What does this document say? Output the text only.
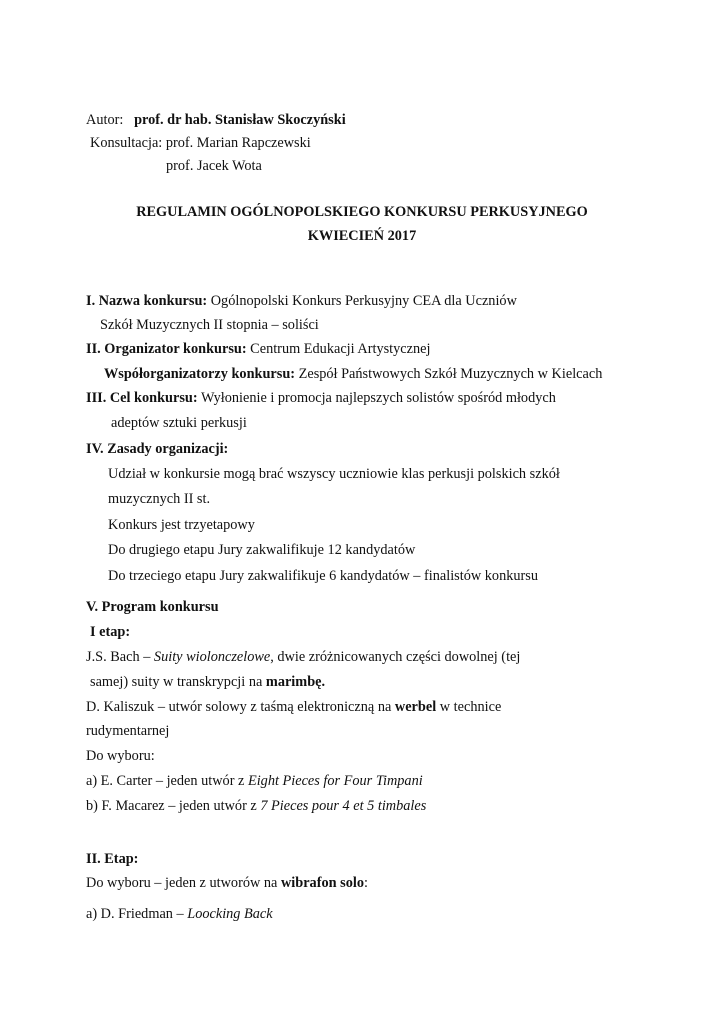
Autor: prof. dr hab. Stanisław Skoczyński
Konsultacja: prof. Marian Rapczewski
prof. Jacek Wota
REGULAMIN OGÓLNOPOLSKIEGO KONKURSU PERKUSYJNEGO
KWIECIEŃ 2017
I. Nazwa konkursu: Ogólnopolski Konkurs Perkusyjny CEA dla Uczniów
Szkół Muzycznych II stopnia – soliści
II. Organizator konkursu: Centrum Edukacji Artystycznej
Współorganizatorzy konkursu: Zespół Państwowych Szkół Muzycznych w Kielcach
III. Cel konkursu: Wyłonienie i promocja najlepszych solistów spośród młodych
adeptów sztuki perkusji
IV. Zasady organizacji:
Udział w konkursie mogą brać wszyscy uczniowie klas perkusji polskich szkół
muzycznych II st.
Konkurs jest trzyetapowy
Do drugiego etapu Jury zakwalifikuje 12 kandydatów
Do trzeciego etapu Jury zakwalifikuje 6 kandydatów – finalistów konkursu
V. Program konkursu
I etap:
J.S. Bach – Suity wiolonczelowe, dwie zróżnicowanych części dowolnej (tej
samej) suity w transkrypcji na marimbę.
D. Kaliszuk – utwór solowy z taśmą elektroniczną na werbel w technice
rudymentarnej
Do wyboru:
a) E. Carter – jeden utwór z Eight Pieces for Four Timpani
b) F. Macarez – jeden utwór z 7 Pieces pour 4 et 5 timbales
II. Etap:
Do wyboru – jeden z utworów na wibrafon solo:
a) D. Friedman – Loocking Back
